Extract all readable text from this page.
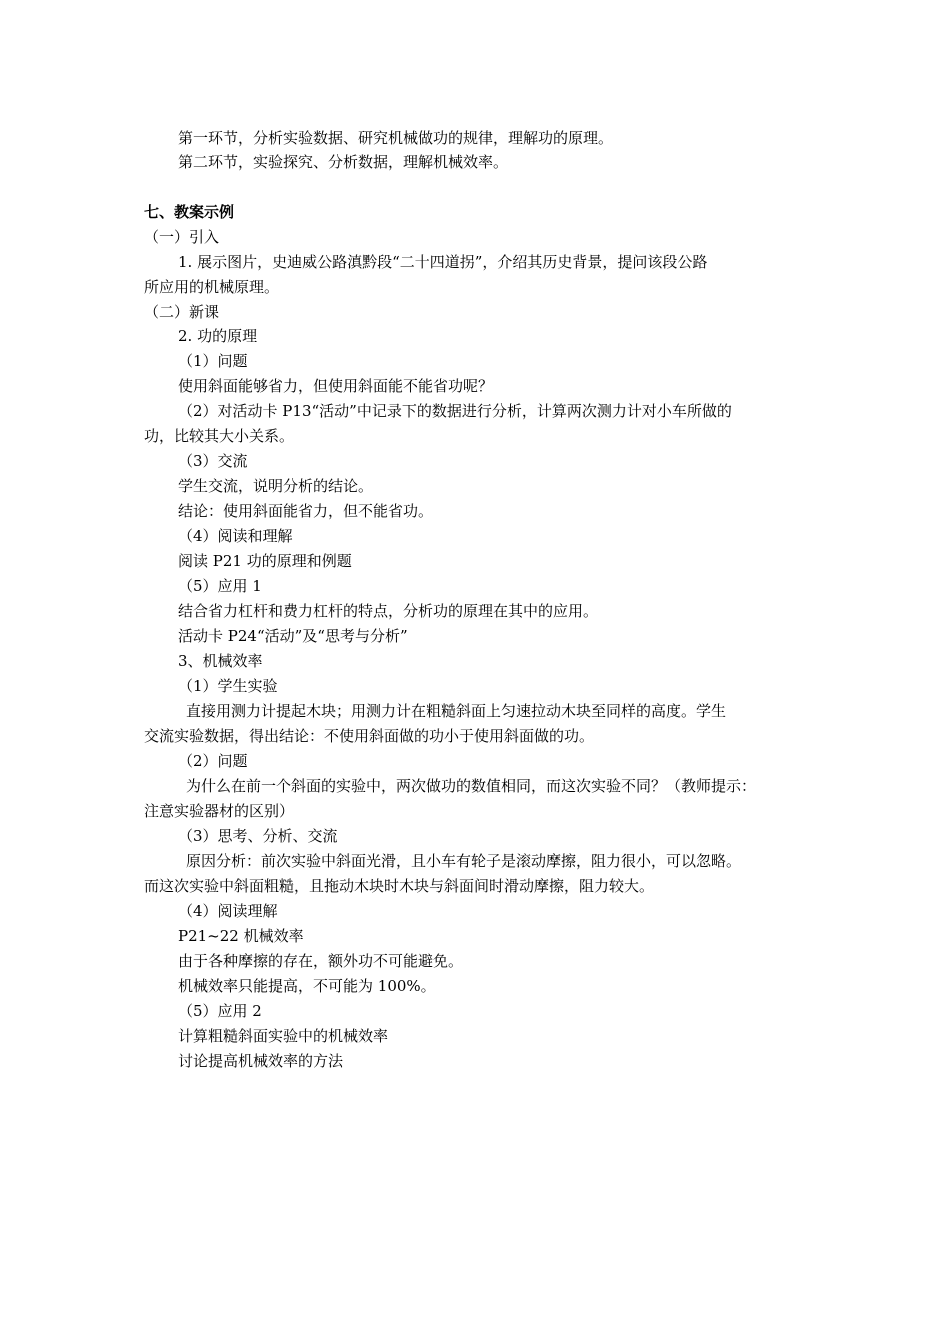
第一环节，分析实验数据、研究机械做功的规律，理解功的原理。
第二环节，实验探究、分析数据，理解机械效率。
七、教案示例
（一）引入
1. 展示图片，史迪威公路滇黔段“二十四道拐”，介绍其历史背景，提问该段公路
所应用的机械原理。
（二）新课
2. 功的原理
（1）问题
使用斜面能够省力，但使用斜面能不能省功呢？
（2）对活动卡 P13“活动”中记录下的数据进行分析，计算两次测力计对小车所做的
功，比较其大小关系。
（3）交流
学生交流，说明分析的结论。
结论：使用斜面能省力，但不能省功。
（4）阅读和理解
阅读 P21 功的原理和例题
（5）应用 1
结合省力杠杆和费力杠杆的特点，分析功的原理在其中的应用。
活动卡 P24“活动”及“思考与分析”
3、机械效率
（1）学生实验
直接用测力计提起木块；用测力计在粗糙斜面上匀速拉动木块至同样的高度。学生
交流实验数据，得出结论：不使用斜面做的功小于使用斜面做的功。
（2）问题
为什么在前一个斜面的实验中，两次做功的数值相同，而这次实验不同？（教师提示：
注意实验器材的区别）
（3）思考、分析、交流
原因分析：前次实验中斜面光滑，且小车有轮子是滚动摩擦，阻力很小，可以忽略。
而这次实验中斜面粗糙，且拖动木块时木块与斜面间时滑动摩擦，阻力较大。
（4）阅读理解
P21~22 机械效率
由于各种摩擦的存在，额外功不可能避免。
机械效率只能提高，不可能为 100%。
（5）应用 2
计算粗糙斜面实验中的机械效率
讨论提高机械效率的方法
